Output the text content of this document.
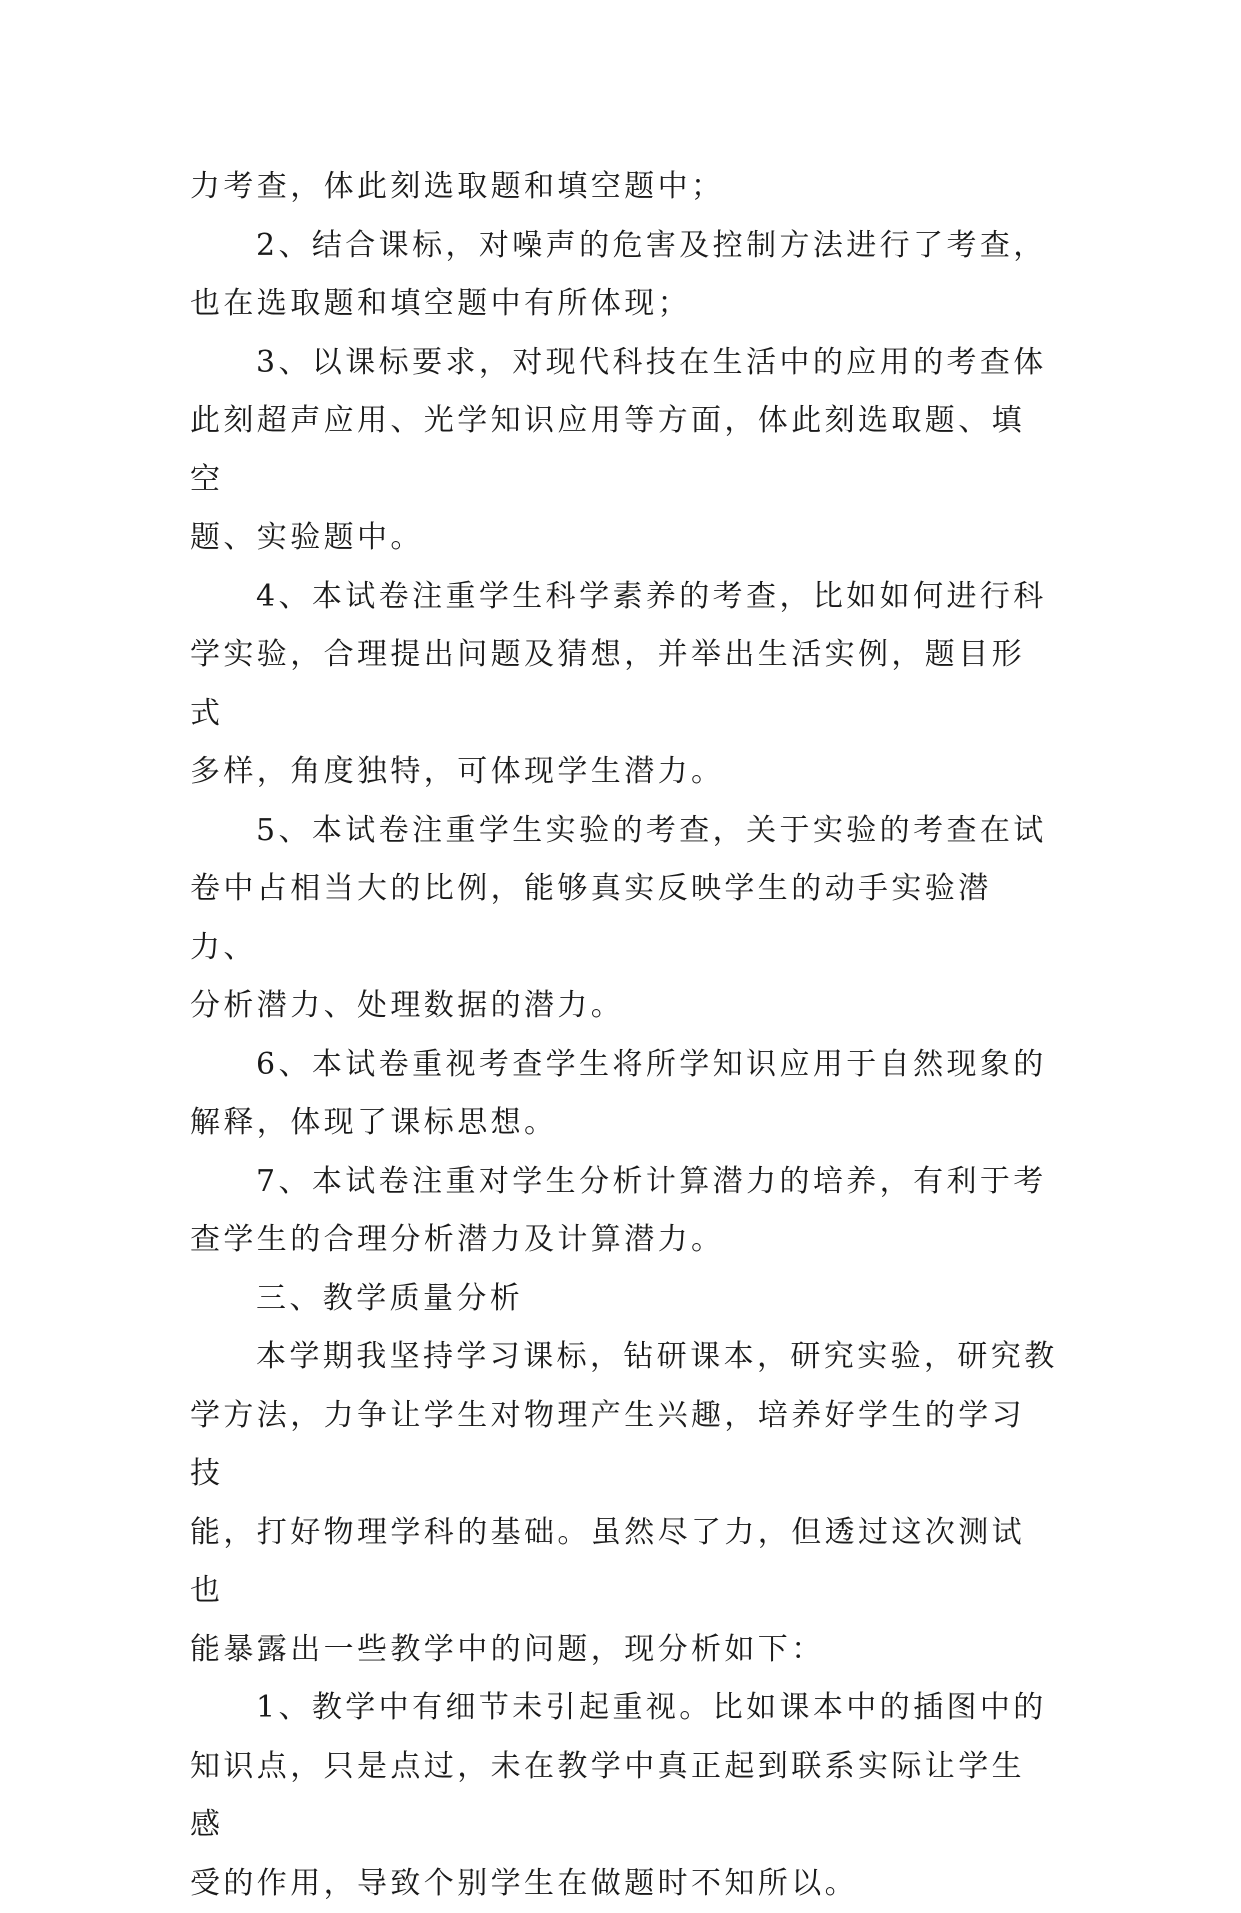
力考查，体此刻选取题和填空题中；

2、结合课标，对噪声的危害及控制方法进行了考查，

也在选取题和填空题中有所体现；

3、以课标要求，对现代科技在生活中的应用的考查体

此刻超声应用、光学知识应用等方面，体此刻选取题、填空

题、实验题中。

4、本试卷注重学生科学素养的考查，比如如何进行科

学实验，合理提出问题及猜想，并举出生活实例，题目形式

多样，角度独特，可体现学生潜力。

5、本试卷注重学生实验的考查，关于实验的考查在试

卷中占相当大的比例，能够真实反映学生的动手实验潜力、

分析潜力、处理数据的潜力。

6、本试卷重视考查学生将所学知识应用于自然现象的

解释，体现了课标思想。

7、本试卷注重对学生分析计算潜力的培养，有利于考

查学生的合理分析潜力及计算潜力。

三、教学质量分析

本学期我坚持学习课标，钻研课本，研究实验，研究教

学方法，力争让学生对物理产生兴趣，培养好学生的学习技

能，打好物理学科的基础。虽然尽了力，但透过这次测试也

能暴露出一些教学中的问题，现分析如下：

1、教学中有细节未引起重视。比如课本中的插图中的

知识点，只是点过，未在教学中真正起到联系实际让学生感

受的作用，导致个别学生在做题时不知所以。
